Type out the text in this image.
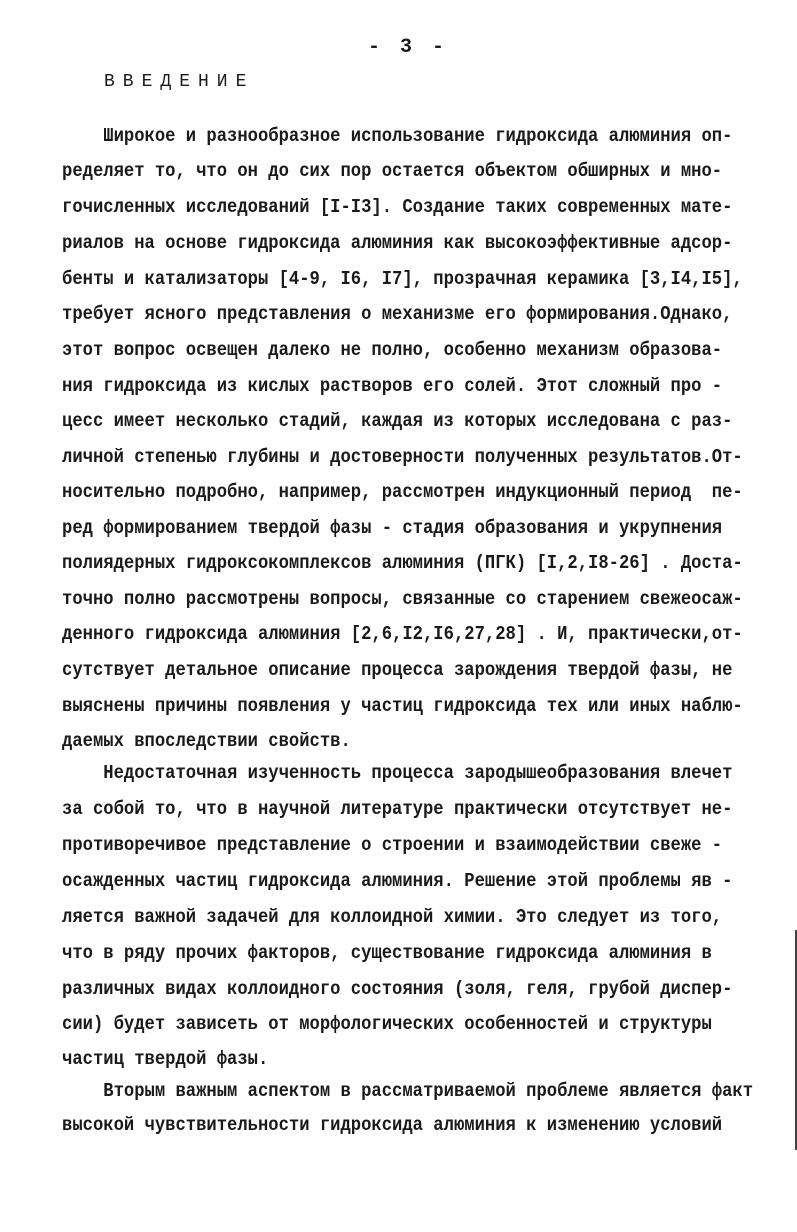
- 3 -
ВВЕДЕНИЕ
Широкое и разнообразное использование гидроксида алюминия оп-
ределяет то, что он до сих пор остается объектом обширных и мно-
гочисленных исследований [I-I3]. Создание таких современных мате-
риалов на основе гидроксида алюминия как высокоэффективные адсор-
бенты и катализаторы [4-9, I6, I7], прозрачная керамика [3,I4,I5],
требует ясного представления о механизме его формирования.Однако,
этот вопрос освещен далеко не полно, особенно механизм образова-
ния гидроксида из кислых растворов его солей. Этот сложный про -
цесс имеет несколько стадий, каждая из которых исследована с раз-
личной степенью глубины и достоверности полученных результатов.От-
носительно подробно, например, рассмотрен индукционный период  пе-
ред формированием твердой фазы - стадия образования и укрупнения
полиядерных гидроксокомплексов алюминия (ПГК) [I,2,I8-26] . Доста-
точно полно рассмотрены вопросы, связанные со старением свежеосаж-
денного гидроксида алюминия [2,6,I2,I6,27,28] . И, практически,от-
сутствует детальное описание процесса зарождения твердой фазы, не
выяснены причины появления у частиц гидроксида тех или иных наблю-
даемых впоследствии свойств.
Недостаточная изученность процесса зародышеобразования влечет
за собой то, что в научной литературе практически отсутствует не-
противоречивое представление о строении и взаимодействии свеже -
осажденных частиц гидроксида алюминия. Решение этой проблемы яв -
ляется важной задачей для коллоидной химии. Это следует из того,
что в ряду прочих факторов, существование гидроксида алюминия в
различных видах коллоидного состояния (золя, геля, грубой диспер-
сии) будет зависеть от морфологических особенностей и структуры
частиц твердой фазы.
Вторым важным аспектом в рассматриваемой проблеме является факт
высокой чувствительности гидроксида алюминия к изменению условий
